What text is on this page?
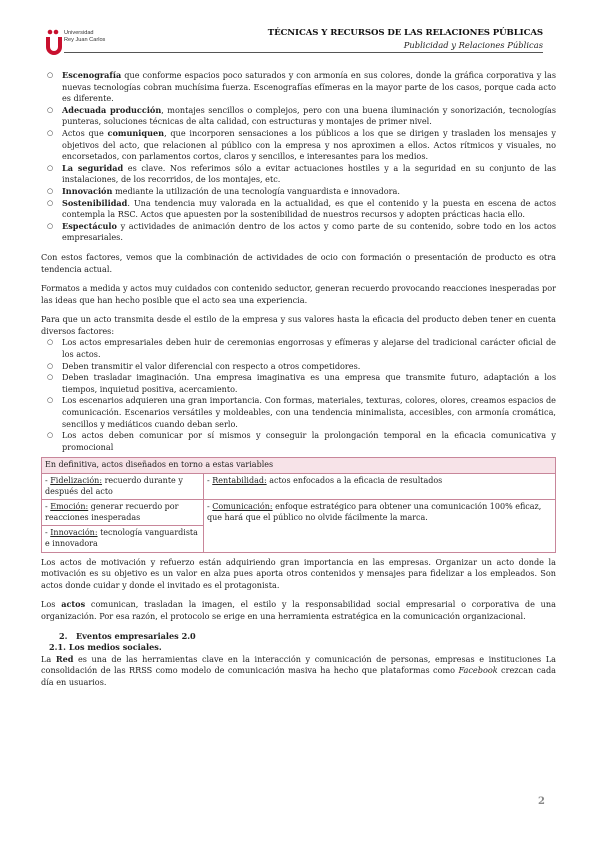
Universidad
Rey Juan Carlos
TÉCNICAS Y RECURSOS DE LAS RELACIONES PÚBLICAS
Publicidad y Relaciones Públicas
○ Escenografía que conforme espacios poco saturados y con armonía en sus colores, donde la gráfica corporativa y las nuevas tecnologías cobran muchísima fuerza. Escenografías efímeras en la mayor parte de los casos, porque cada acto es diferente.
○ Adecuada producción, montajes sencillos o complejos, pero con una buena iluminación y sonorización, tecnologías punteras, soluciones técnicas de alta calidad, con estructuras y montajes de primer nivel.
○ Actos que comuniquen, que incorporen sensaciones a los públicos a los que se dirigen y trasladen los mensajes y objetivos del acto, que relacionen al público con la empresa y nos aproximen a ellos. Actos rítmicos y visuales, no encorsetados, con parlamentos cortos, claros y sencillos, e interesantes para los medios.
○ La seguridad es clave. Nos referimos sólo a evitar actuaciones hostiles y a la seguridad en su conjunto de las instalaciones, de los recorridos, de los montajes, etc.
○ Innovación mediante la utilización de una tecnología vanguardista e innovadora.
○ Sostenibilidad. Una tendencia muy valorada en la actualidad, es que el contenido y la puesta en escena de actos contempla la RSC. Actos que apuesten por la sostenibilidad de nuestros recursos y adopten prácticas hacia ello.
○ Espectáculo y actividades de animación dentro de los actos y como parte de su contenido, sobre todo en los actos empresariales.

Con estos factores, vemos que la combinación de actividades de ocio con formación o presentación de producto es otra tendencia actual.

Formatos a medida y actos muy cuidados con contenido seductor, generan recuerdo provocando reacciones inesperadas por las ideas que han hecho posible que el acto sea una experiencia.

Para que un acto transmita desde el estilo de la empresa y sus valores hasta la eficacia del producto deben tener en cuenta diversos factores:

○ Los actos empresariales deben huir de ceremonias engorrosas y efímeras y alejarse del tradicional carácter oficial de los actos.
○ Deben transmitir el valor diferencial con respecto a otros competidores.
○ Deben trasladar imaginación. Una empresa imaginativa es una empresa que transmite futuro, adaptación a los tiempos, inquietud positiva, acercamiento.
○ Los escenarios adquieren una gran importancia. Con formas, materiales, texturas, colores, olores, creamos espacios de comunicación. Escenarios versátiles y moldeables, con una tendencia minimalista, accesibles, con armonía cromática, sencillos y mediáticos cuando deban serlo.
○ Los actos deben comunicar por sí mismos y conseguir la prolongación temporal en la eficacia comunicativa y promocional
En definitiva, actos diseñados en torno a estas variables	
- Fidelización: recuerdo durante y después del acto	- Rentabilidad: actos enfocados a la eficacia de resultados
- Emoción: generar recuerdo por reacciones inesperadas	- Comunicación: enfoque estratégico para obtener una comunicación 100% eficaz, que hará que el público no olvide fácilmente la marca.
- Innovación: tecnología vanguardista e innovadora	

Los actos de motivación y refuerzo están adquiriendo gran importancia en las empresas. Organizar un acto donde la motivación es su objetivo es un valor en alza pues aporta otros contenidos y mensajes para fidelizar a los empleados. Son actos donde cuidar y donde el invitado es el protagonista.

Los actos comunican, trasladan la imagen, el estilo y la responsabilidad social empresarial o corporativa de una organización. Por esa razón, el protocolo se erige en una herramienta estratégica en la comunicación organizacional.

2. Eventos empresariales 2.0
2.1. Los medios sociales.

La Red es una de las herramientas clave en la interacción y comunicación de personas, empresas e instituciones La consolidación de las RRSS como modelo de comunicación masiva ha hecho que plataformas como Facebook crezcan cada día en usuarios.

2
